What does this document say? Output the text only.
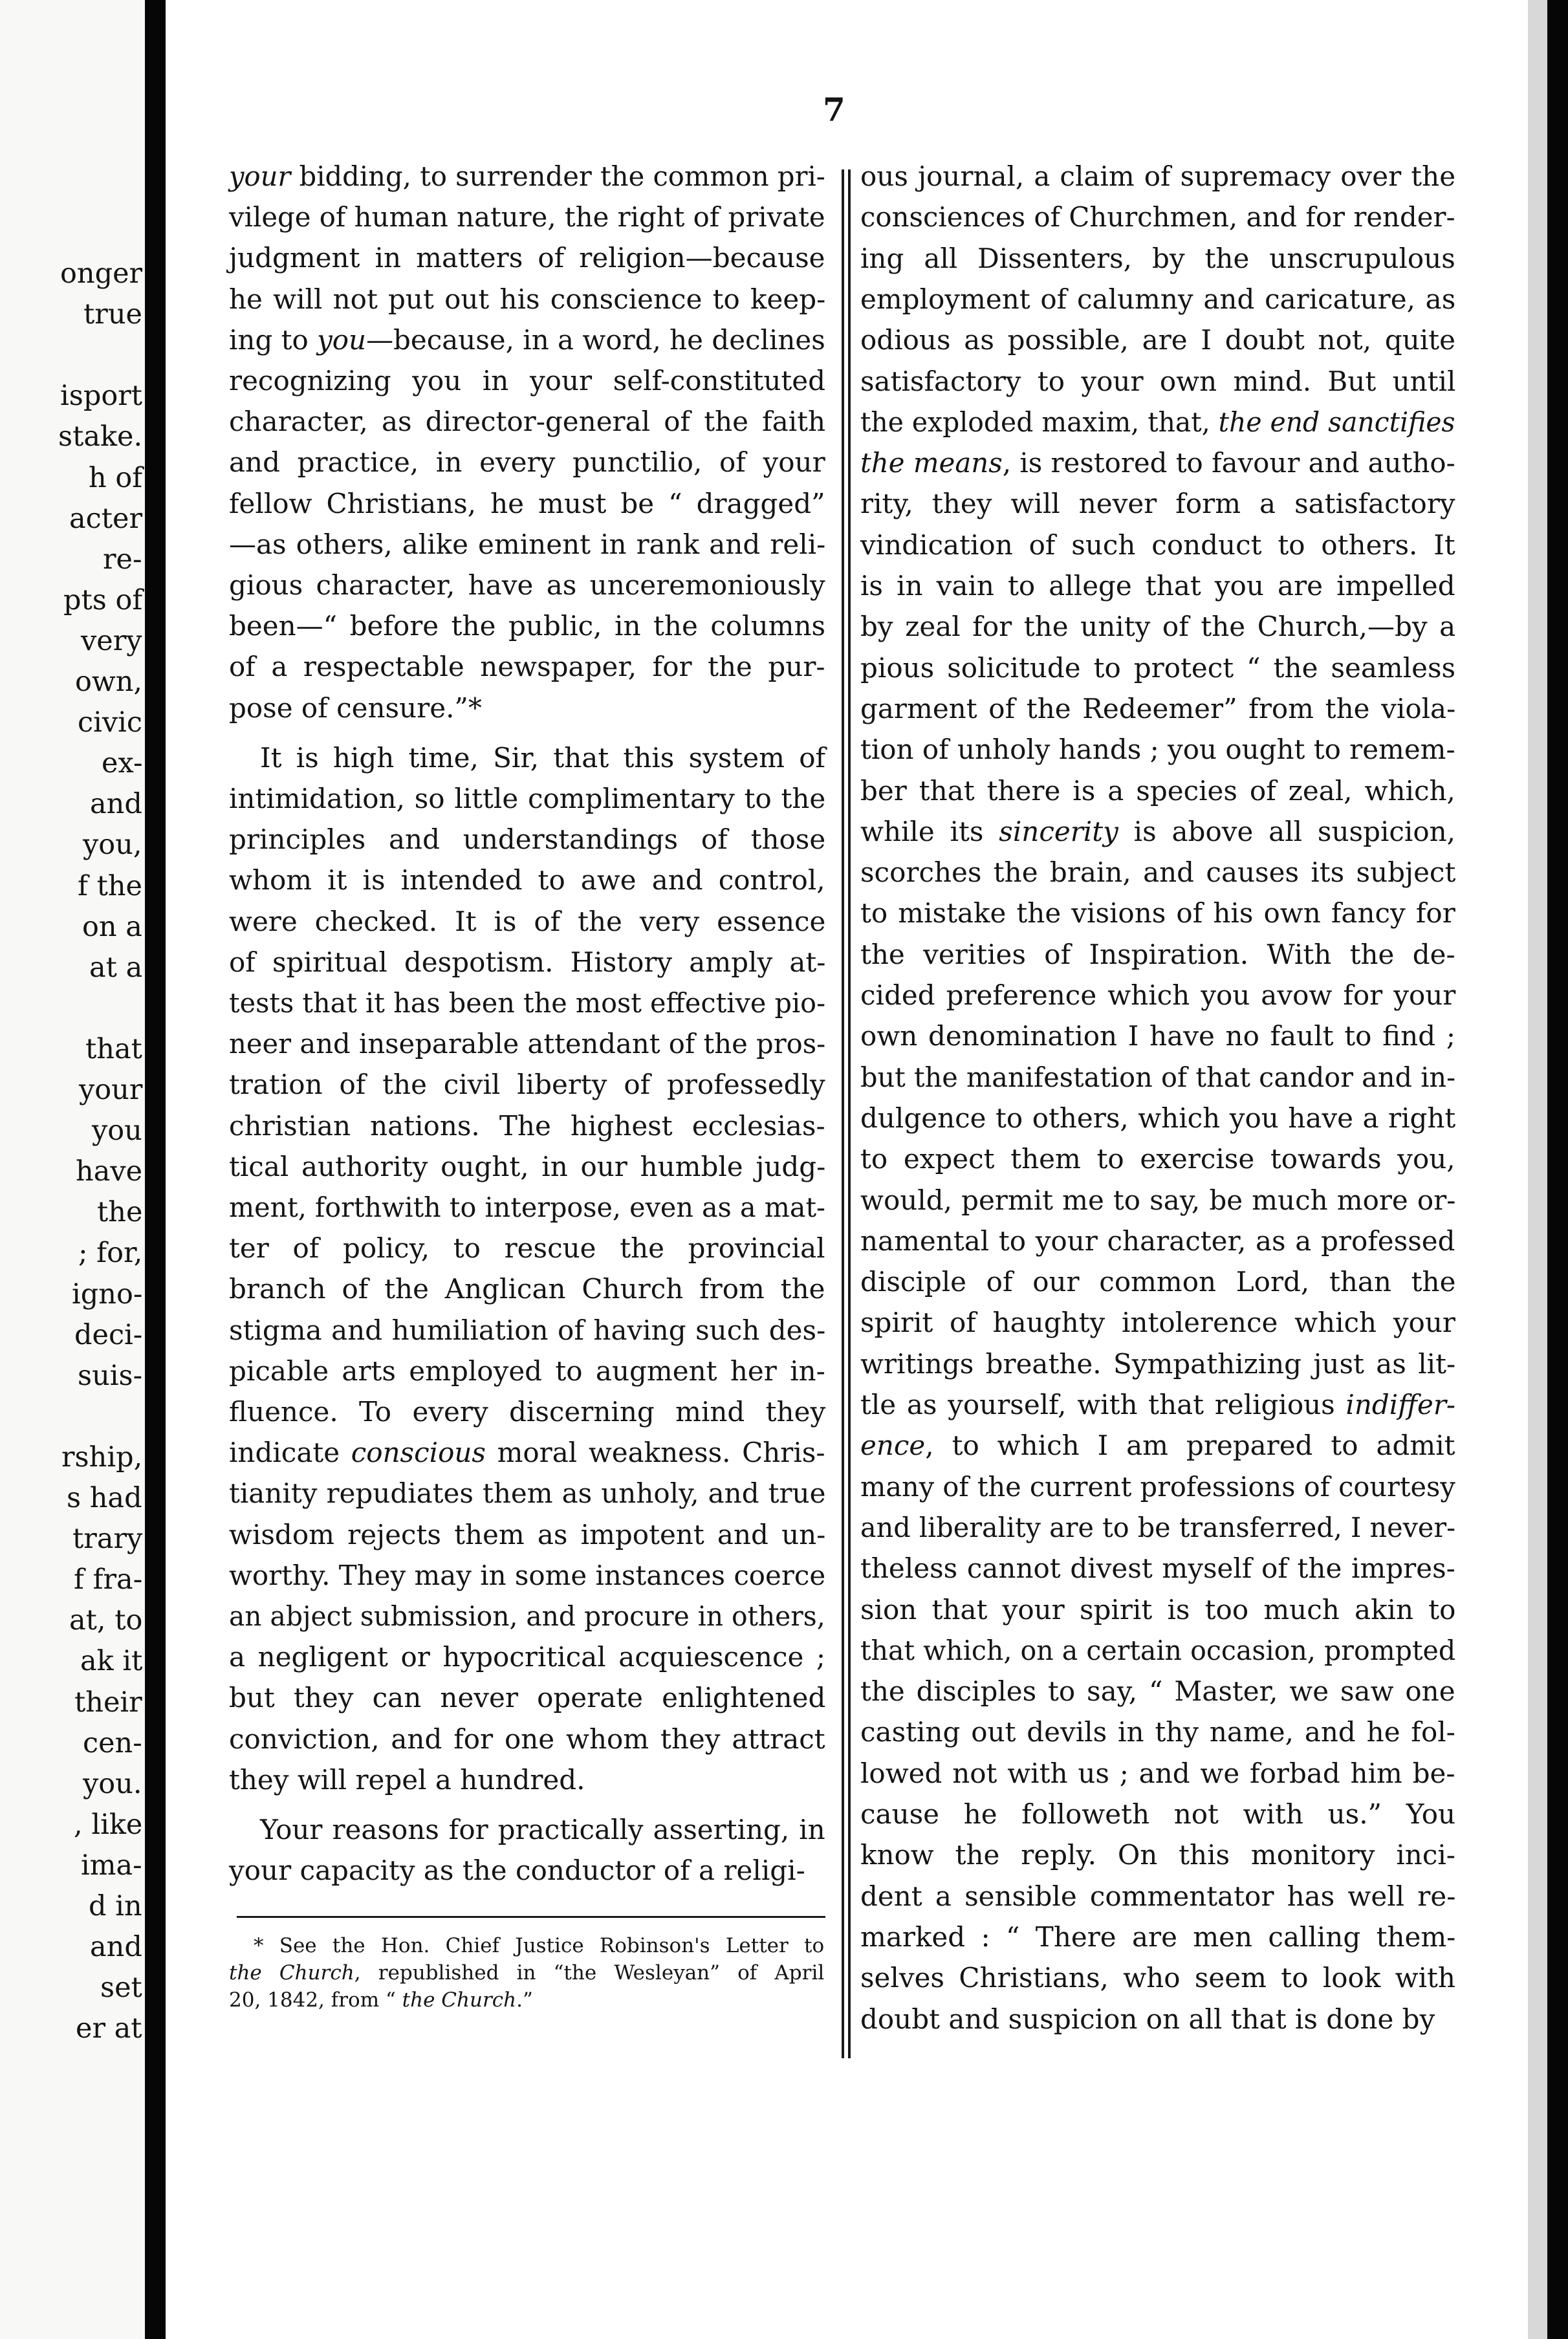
onger
true
isport
stake.
h of
acter
re-
pts of
very
own,
civic
ex-
and
you,
f the
on a
at a
that
your
you
have
the
; for,
igno-
deci-
suis-
rship,
s had
trary
f fra-
at, to
ak it
their
cen-
you.
, like
ima-
d in
and
set
er at
7
your bidding, to surrender the common pri-
vilege of human nature, the right of private
judgment in matters of religion—because
he will not put out his conscience to keep-
ing to you—because, in a word, he declines
recognizing you in your self-constituted
character, as director-general of the faith
and practice, in every punctilio, of your
fellow Christians, he must be “ dragged”
—as others, alike eminent in rank and reli-
gious character, have as unceremoniously
been—“ before the public, in the columns
of a respectable newspaper, for the pur-
pose of censure.”*
It is high time, Sir, that this system of
intimidation, so little complimentary to the
principles and understandings of those
whom it is intended to awe and control,
were checked. It is of the very essence
of spiritual despotism. History amply at-
tests that it has been the most effective pio-
neer and inseparable attendant of the pros-
tration of the civil liberty of professedly
christian nations. The highest ecclesias-
tical authority ought, in our humble judg-
ment, forthwith to interpose, even as a mat-
ter of policy, to rescue the provincial
branch of the Anglican Church from the
stigma and humiliation of having such des-
picable arts employed to augment her in-
fluence. To every discerning mind they
indicate conscious moral weakness. Chris-
tianity repudiates them as unholy, and true
wisdom rejects them as impotent and un-
worthy. They may in some instances coerce
an abject submission, and procure in others,
a negligent or hypocritical acquiescence ;
but they can never operate enlightened
conviction, and for one whom they attract
they will repel a hundred.
Your reasons for practically asserting, in
your capacity as the conductor of a religi-
* See the Hon. Chief Justice Robinson's Letter to
the Church, republished in “the Wesleyan” of April
20, 1842, from “ the Church.”
ous journal, a claim of supremacy over the
consciences of Churchmen, and for render-
ing all Dissenters, by the unscrupulous
employment of calumny and caricature, as
odious as possible, are I doubt not, quite
satisfactory to your own mind. But until
the exploded maxim, that, the end sanctifies
the means, is restored to favour and autho-
rity, they will never form a satisfactory
vindication of such conduct to others. It
is in vain to allege that you are impelled
by zeal for the unity of the Church,—by a
pious solicitude to protect “ the seamless
garment of the Redeemer” from the viola-
tion of unholy hands ; you ought to remem-
ber that there is a species of zeal, which,
while its sincerity is above all suspicion,
scorches the brain, and causes its subject
to mistake the visions of his own fancy for
the verities of Inspiration. With the de-
cided preference which you avow for your
own denomination I have no fault to find ;
but the manifestation of that candor and in-
dulgence to others, which you have a right
to expect them to exercise towards you,
would, permit me to say, be much more or-
namental to your character, as a professed
disciple of our common Lord, than the
spirit of haughty intolerence which your
writings breathe. Sympathizing just as lit-
tle as yourself, with that religious indiffer-
ence, to which I am prepared to admit
many of the current professions of courtesy
and liberality are to be transferred, I never-
theless cannot divest myself of the impres-
sion that your spirit is too much akin to
that which, on a certain occasion, prompted
the disciples to say, “ Master, we saw one
casting out devils in thy name, and he fol-
lowed not with us ; and we forbad him be-
cause he followeth not with us.” You
know the reply. On this monitory inci-
dent a sensible commentator has well re-
marked : “ There are men calling them-
selves Christians, who seem to look with
doubt and suspicion on all that is done by
